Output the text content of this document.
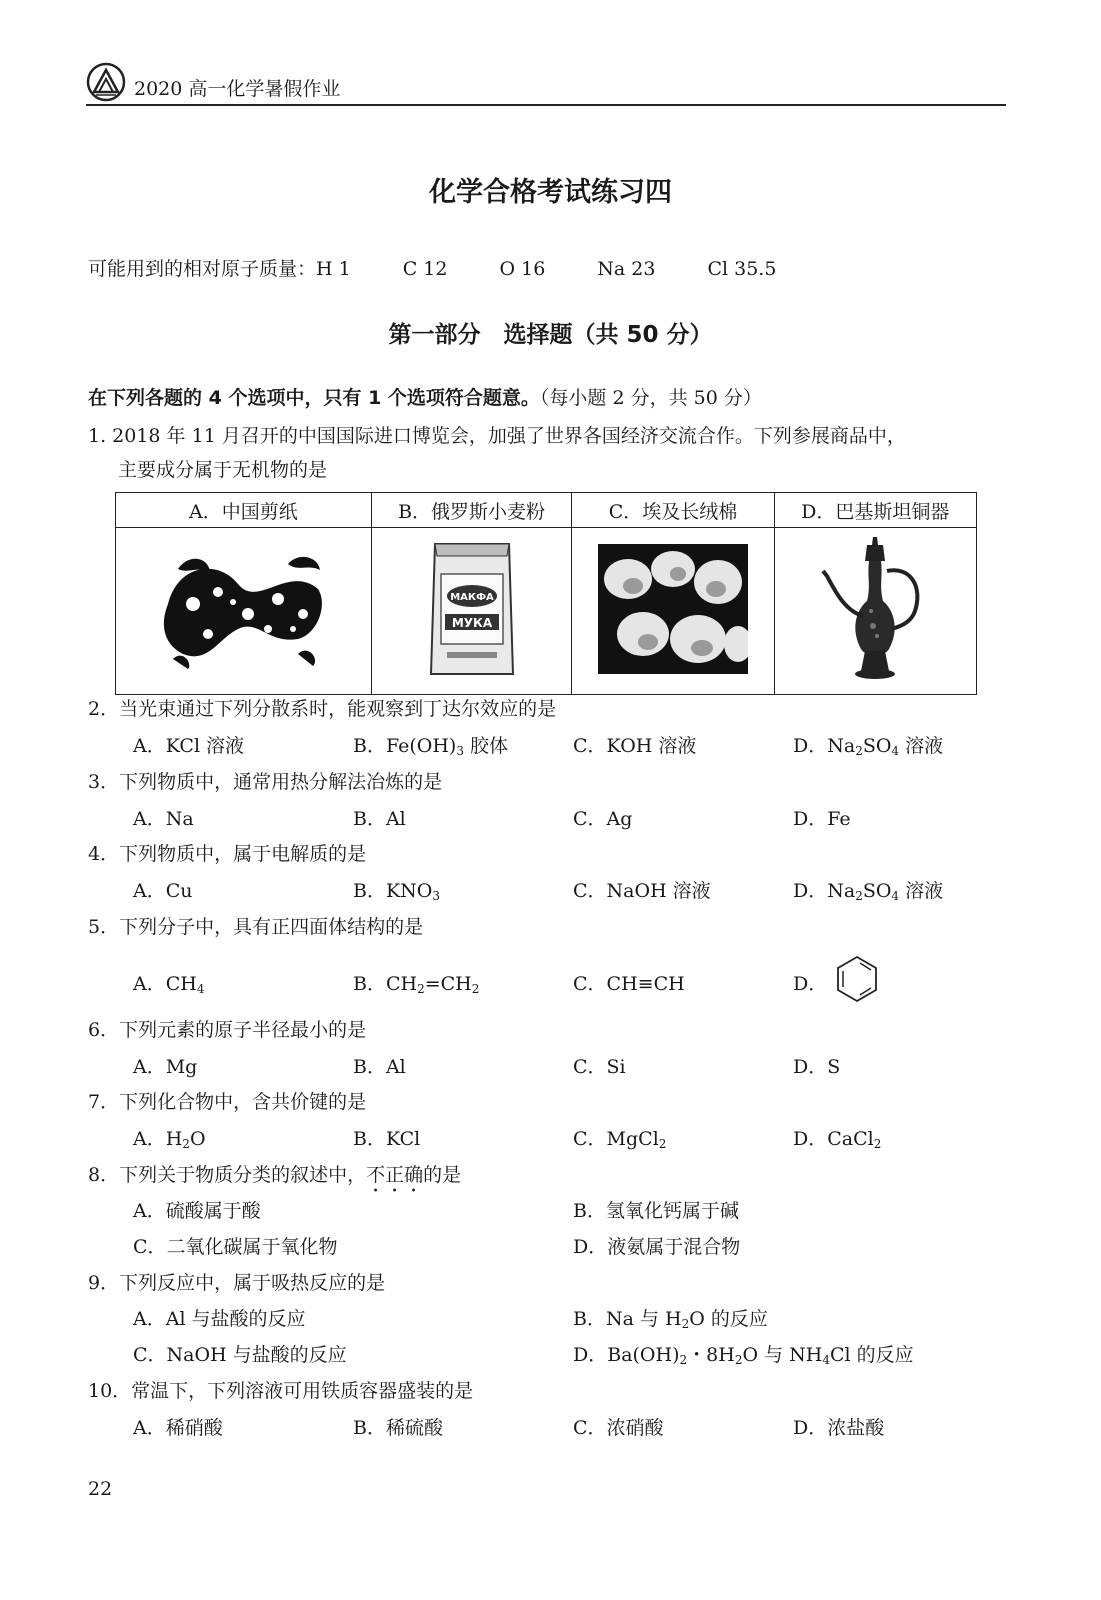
2020 高一化学暑假作业
化学合格考试练习四
可能用到的相对原子质量：H 1	C 12	O 16	Na 23	Cl 35.5
第一部分　选择题（共 50 分）
在下列各题的 4 个选项中，只有 1 个选项符合题意。（每小题 2 分，共 50 分）
1. 2018 年 11 月召开的中国国际进口博览会，加强了世界各国经济交流合作。下列参展商品中，
主要成分属于无机物的是
A．中国剪纸	B．俄罗斯小麦粉	C．埃及长绒棉	D．巴基斯坦铜器

МАКФА
МУКА

2．当光束通过下列分散系时，能观察到丁达尔效应的是
A．KCl 溶液	B．$Fe(OH)_3$ 胶体	C．KOH 溶液	D．$Na_2SO_4$ 溶液
3．下列物质中，通常用热分解法冶炼的是
A．Na	B．Al	C．Ag	D．Fe
4．下列物质中，属于电解质的是
A．Cu	B．$KNO_3$	C．NaOH 溶液	D．$Na_2SO_4$ 溶液
5．下列分子中，具有正四面体结构的是
A．$CH_4$	B．$CH_2=CH_2$	C．CH≡CH	D．
6．下列元素的原子半径最小的是
A．Mg	B．Al	C．Si	D．S
7．下列化合物中，含共价键的是
A．$H_2O$	B．KCl	C．MgCl$_2$	D．CaCl$_2$
8．下列关于物质分类的叙述中，不正确的是
A．硫酸属于酸	B．氢氧化钙属于碱
C．二氧化碳属于氧化物	D．液氨属于混合物
9．下列反应中，属于吸热反应的是
A．Al 与盐酸的反应	B．Na 与 $H_2O$ 的反应
C．NaOH 与盐酸的反应	D．$Ba(OH)_2$・$8H_2O$ 与 $NH_4Cl$ 的反应
10．常温下，下列溶液可用铁质容器盛装的是
A．稀硝酸	B．稀硫酸	C．浓硝酸	D．浓盐酸
22
